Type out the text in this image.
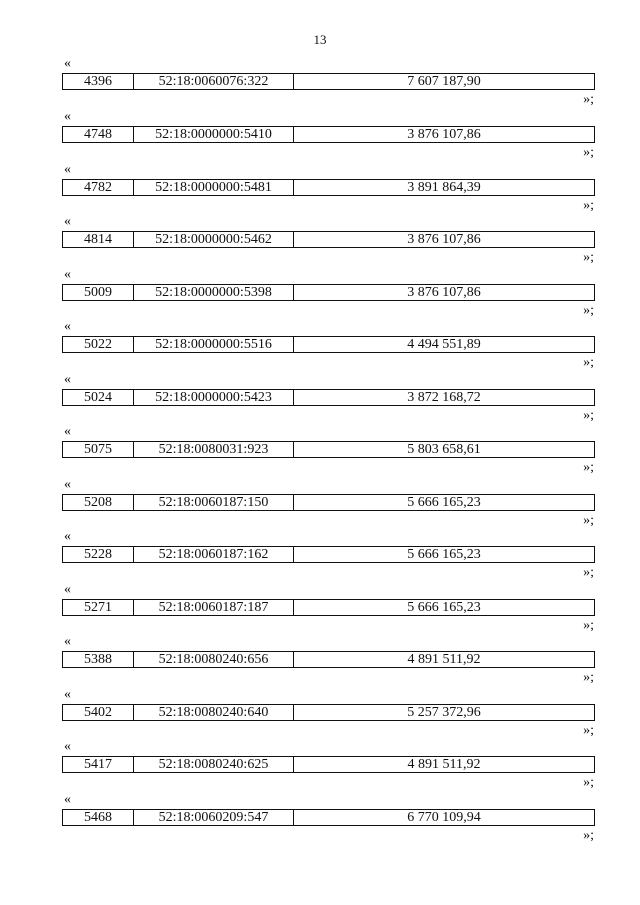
13
«
4396	52:18:0060076:322	7 607 187,90
»;
«
4748	52:18:0000000:5410	3 876 107,86
»;
«
4782	52:18:0000000:5481	3 891 864,39
»;
«
4814	52:18:0000000:5462	3 876 107,86
»;
«
5009	52:18:0000000:5398	3 876 107,86
»;
«
5022	52:18:0000000:5516	4 494 551,89
»;
«
5024	52:18:0000000:5423	3 872 168,72
»;
«
5075	52:18:0080031:923	5 803 658,61
»;
«
5208	52:18:0060187:150	5 666 165,23
»;
«
5228	52:18:0060187:162	5 666 165,23
»;
«
5271	52:18:0060187:187	5 666 165,23
»;
«
5388	52:18:0080240:656	4 891 511,92
»;
«
5402	52:18:0080240:640	5 257 372,96
»;
«
5417	52:18:0080240:625	4 891 511,92
»;
«
5468	52:18:0060209:547	6 770 109,94
»;
